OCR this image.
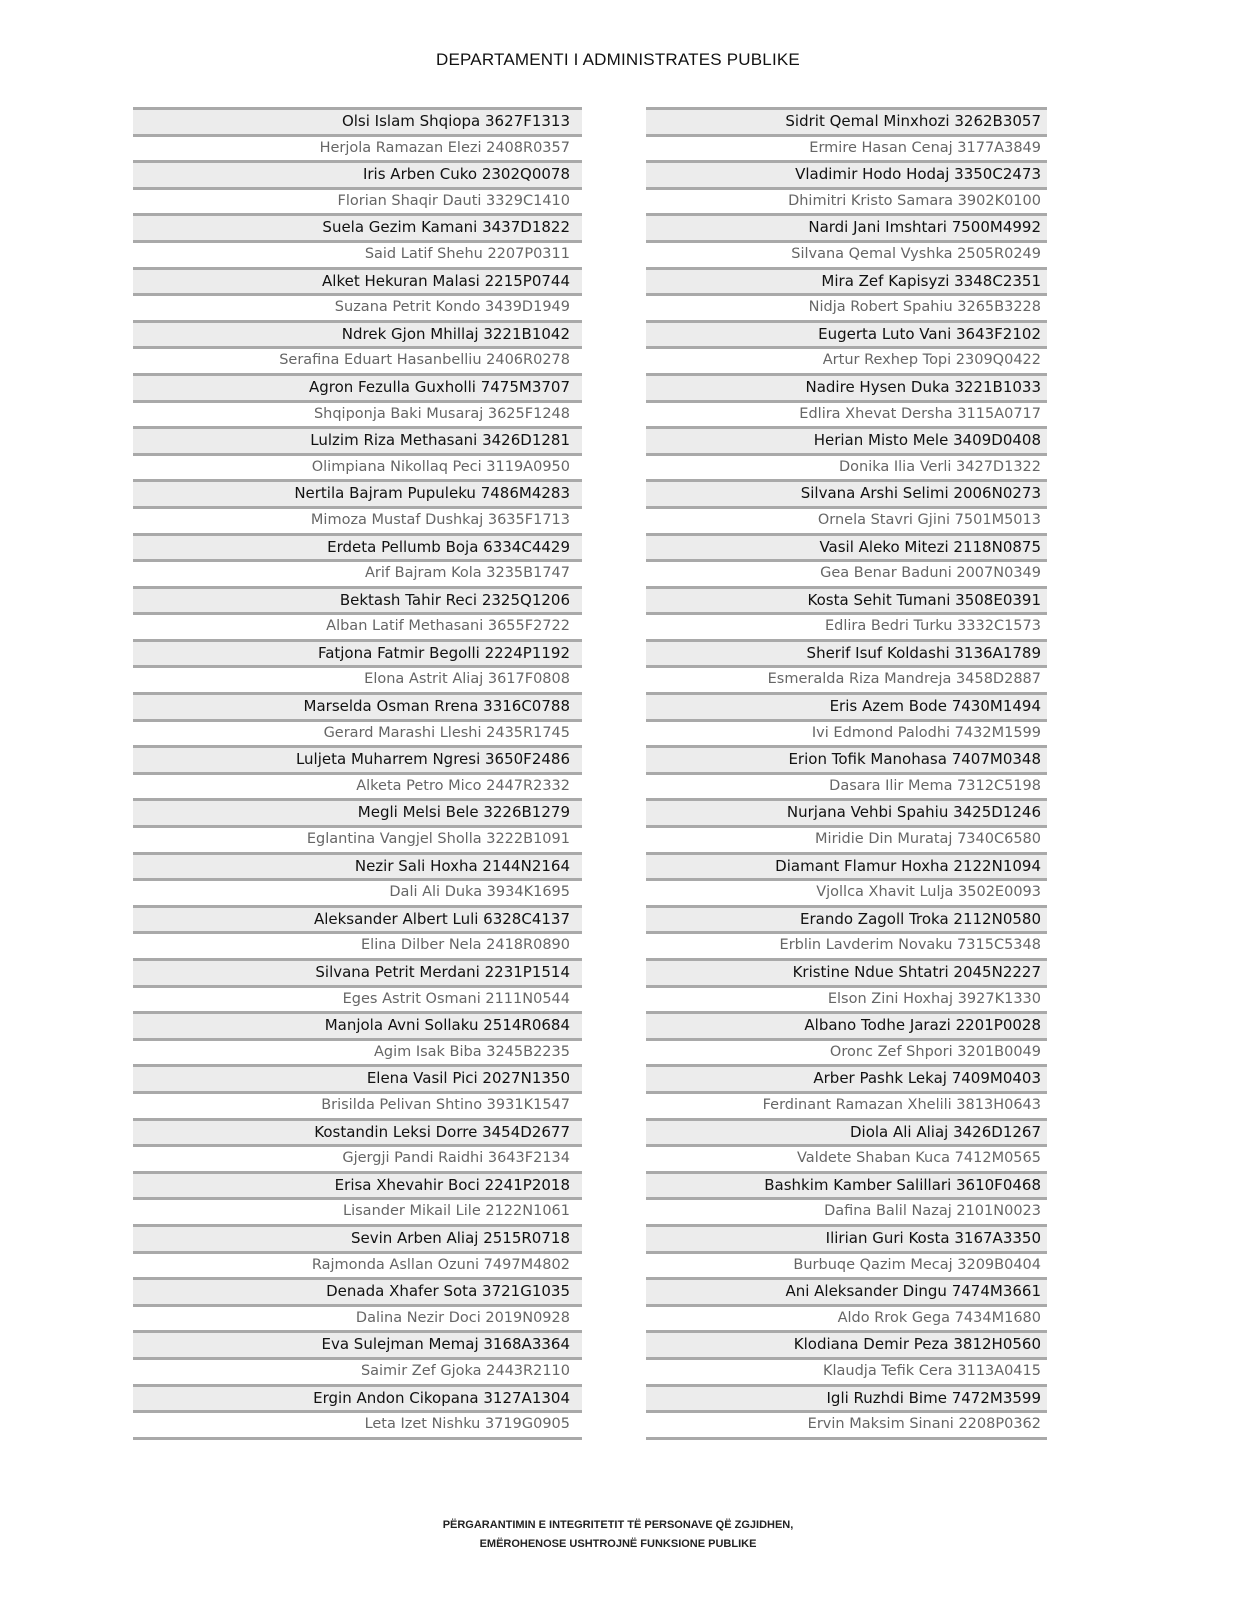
DEPARTAMENTI I ADMINISTRATES PUBLIKE
Olsi Islam Shqiopa 3627F1313
Herjola Ramazan Elezi 2408R0357
Iris Arben Cuko 2302Q0078
Florian Shaqir Dauti 3329C1410
Suela Gezim Kamani 3437D1822
Said Latif Shehu 2207P0311
Alket Hekuran Malasi 2215P0744
Suzana Petrit Kondo 3439D1949
Ndrek Gjon Mhillaj 3221B1042
Serafina Eduart Hasanbelliu 2406R0278
Agron Fezulla Guxholli 7475M3707
Shqiponja Baki Musaraj 3625F1248
Lulzim Riza Methasani 3426D1281
Olimpiana Nikollaq Peci 3119A0950
Nertila Bajram Pupuleku 7486M4283
Mimoza Mustaf Dushkaj 3635F1713
Erdeta Pellumb Boja 6334C4429
Arif Bajram Kola 3235B1747
Bektash Tahir Reci 2325Q1206
Alban Latif Methasani 3655F2722
Fatjona Fatmir Begolli 2224P1192
Elona Astrit Aliaj 3617F0808
Marselda Osman Rrena 3316C0788
Gerard Marashi Lleshi 2435R1745
Luljeta Muharrem Ngresi 3650F2486
Alketa Petro Mico 2447R2332
Megli Melsi Bele 3226B1279
Eglantina Vangjel Sholla 3222B1091
Nezir Sali Hoxha 2144N2164
Dali Ali Duka 3934K1695
Aleksander Albert Luli 6328C4137
Elina Dilber Nela 2418R0890
Silvana Petrit Merdani 2231P1514
Eges Astrit Osmani 2111N0544
Manjola Avni Sollaku 2514R0684
Agim Isak Biba 3245B2235
Elena Vasil Pici 2027N1350
Brisilda Pelivan Shtino 3931K1547
Kostandin Leksi Dorre 3454D2677
Gjergji Pandi Raidhi 3643F2134
Erisa Xhevahir Boci 2241P2018
Lisander Mikail Lile 2122N1061
Sevin Arben Aliaj 2515R0718
Rajmonda Asllan Ozuni 7497M4802
Denada Xhafer Sota 3721G1035
Dalina Nezir Doci 2019N0928
Eva Sulejman Memaj 3168A3364
Saimir Zef Gjoka 2443R2110
Ergin Andon Cikopana 3127A1304
Leta Izet Nishku 3719G0905
Sidrit Qemal Minxhozi 3262B3057
Ermire Hasan Cenaj 3177A3849
Vladimir Hodo Hodaj 3350C2473
Dhimitri Kristo Samara 3902K0100
Nardi Jani Imshtari 7500M4992
Silvana Qemal Vyshka 2505R0249
Mira Zef Kapisyzi 3348C2351
Nidja Robert Spahiu 3265B3228
Eugerta Luto Vani 3643F2102
Artur Rexhep Topi 2309Q0422
Nadire Hysen Duka 3221B1033
Edlira Xhevat Dersha 3115A0717
Herian Misto Mele 3409D0408
Donika Ilia Verli 3427D1322
Silvana Arshi Selimi 2006N0273
Ornela Stavri Gjini 7501M5013
Vasil Aleko Mitezi 2118N0875
Gea Benar Baduni 2007N0349
Kosta Sehit Tumani 3508E0391
Edlira Bedri Turku 3332C1573
Sherif Isuf Koldashi 3136A1789
Esmeralda Riza Mandreja 3458D2887
Eris Azem Bode 7430M1494
Ivi Edmond Palodhi 7432M1599
Erion Tofik Manohasa 7407M0348
Dasara Ilir Mema 7312C5198
Nurjana Vehbi Spahiu 3425D1246
Miridie Din Murataj 7340C6580
Diamant Flamur Hoxha 2122N1094
Vjollca Xhavit Lulja 3502E0093
Erando Zagoll Troka 2112N0580
Erblin Lavderim Novaku 7315C5348
Kristine Ndue Shtatri 2045N2227
Elson Zini Hoxhaj 3927K1330
Albano Todhe Jarazi 2201P0028
Oronc Zef Shpori 3201B0049
Arber Pashk Lekaj 7409M0403
Ferdinant Ramazan Xhelili 3813H0643
Diola Ali Aliaj 3426D1267
Valdete Shaban Kuca 7412M0565
Bashkim Kamber Salillari 3610F0468
Dafina Balil Nazaj 2101N0023
Ilirian Guri Kosta 3167A3350
Burbuqe Qazim Mecaj 3209B0404
Ani Aleksander Dingu 7474M3661
Aldo Rrok Gega 7434M1680
Klodiana Demir Peza 3812H0560
Klaudja Tefik Cera 3113A0415
Igli Ruzhdi Bime 7472M3599
Ervin Maksim Sinani 2208P0362
PËRGARANTIMIN E INTEGRITETIT TË PERSONAVE QË ZGJIDHEN,
EMËROHENOSE USHTROJNË FUNKSIONE PUBLIKE
